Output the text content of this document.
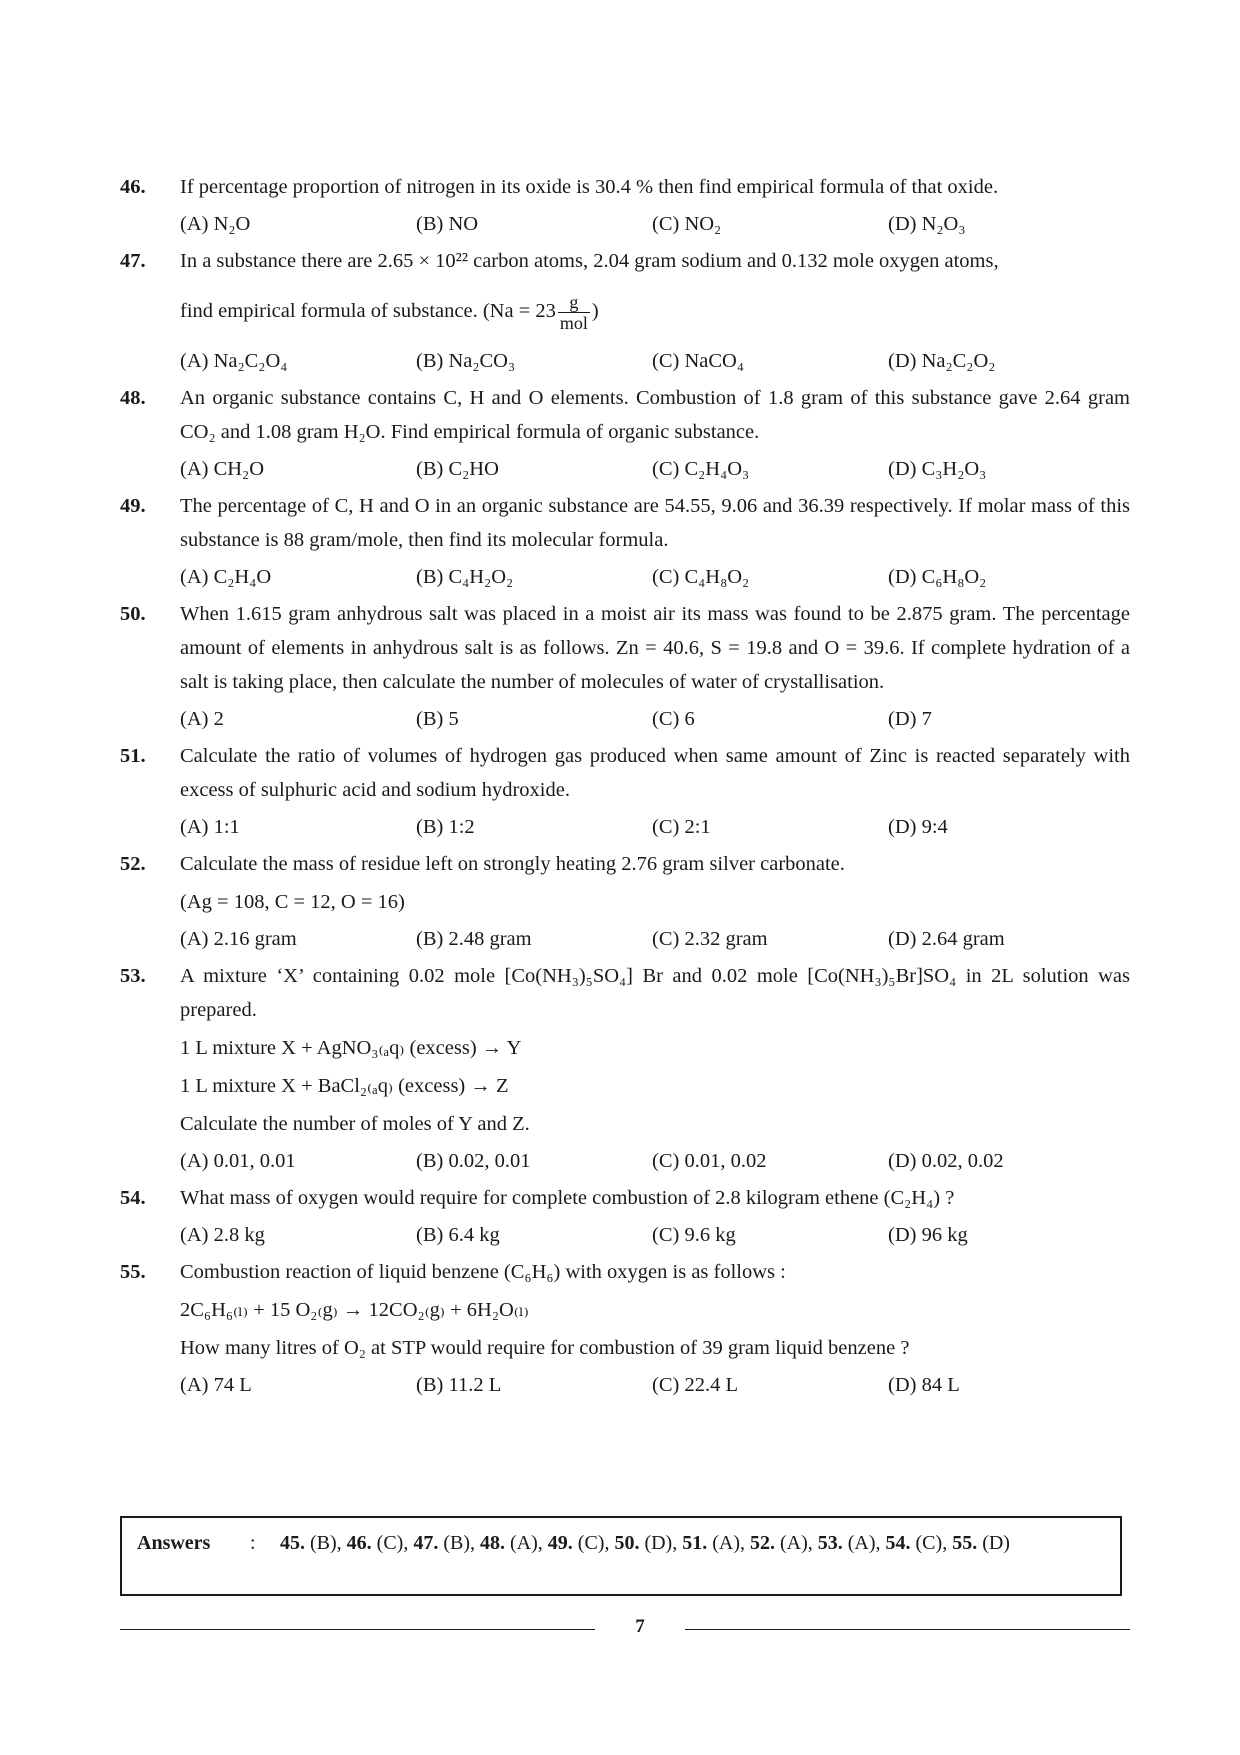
46. If percentage proportion of nitrogen in its oxide is 30.4 % then find empirical formula of that oxide.
(A) N₂O	(B) NO	(C) NO₂	(D) N₂O₃
47. In a substance there are 2.65 × 10²² carbon atoms, 2.04 gram sodium and 0.132 mole oxygen atoms,
find empirical formula of substance. ($Na = 23 \frac{g}{\text{mol}}$ )
(A) Na₂C₂O₄	(B) Na₂CO₃	(C) NaCO₄	(D) Na₂C₂O₂
48. An organic substance contains C, H and O elements. Combustion of 1.8 gram of this substance gave 2.64 gram CO₂ and 1.08 gram H₂O. Find empirical formula of organic substance.
(A) CH₂O	(B) C₂HO	(C) C₂H₄O₃	(D) C₃H₂O₃
49. The percentage of C, H and O in an organic substance are 54.55, 9.06 and 36.39 respectively. If molar mass of this substance is 88 gram/mole, then find its molecular formula.
(A) C₂H₄O	(B) C₄H₂O₂	(C) C₄H₈O₂	(D) C₆H₈O₂
50. When 1.615 gram anhydrous salt was placed in a moist air its mass was found to be 2.875 gram. The percentage amount of elements in anhydrous salt is as follows. Zn = 40.6, S = 19.8 and O = 39.6. If complete hydration of a salt is taking place, then calculate the number of molecules of water of crystallisation.
(A) 2	(B) 5	(C) 6	(D) 7
51. Calculate the ratio of volumes of hydrogen gas produced when same amount of Zinc is reacted separately with excess of sulphuric acid and sodium hydroxide.
(A) 1:1	(B) 1:2	(C) 2:1	(D) 9:4
52. Calculate the mass of residue left on strongly heating 2.76 gram silver carbonate.
(Ag = 108, C = 12, O = 16)
(A) 2.16 gram	(B) 2.48 gram	(C) 2.32 gram	(D) 2.64 gram
53. A mixture ‘X’ containing 0.02 mole [Co(NH₃)₅SO₄] Br and 0.02 mole [Co(NH₃)₅Br]SO₄ in 2L solution was prepared.
1 L mixture X + AgNO₃₍ₐq₎ (excess) → Y
1 L mixture X + BaCl₂₍ₐq₎ (excess) → Z
Calculate the number of moles of Y and Z.
(A) 0.01, 0.01	(B) 0.02, 0.01	(C) 0.01, 0.02	(D) 0.02, 0.02
54. What mass of oxygen would require for complete combustion of 2.8 kilogram ethene (C₂H₄) ?
(A) 2.8 kg	(B) 6.4 kg	(C) 9.6 kg	(D) 96 kg
55. Combustion reaction of liquid benzene (C₆H₆) with oxygen is as follows :
2C₆H₆₍ₗ₎ + 15 O₂₍g₎ → 12CO₂₍g₎ + 6H₂O₍ₗ₎
How many litres of O₂ at STP would require for combustion of 39 gram liquid benzene ?
(A) 74 L	(B) 11.2 L	(C) 22.4 L	(D) 84 L
Answers : 45. (B), 46. (C), 47. (B), 48. (A), 49. (C), 50. (D), 51. (A), 52. (A), 53. (A), 54. (C), 55. (D)
7
